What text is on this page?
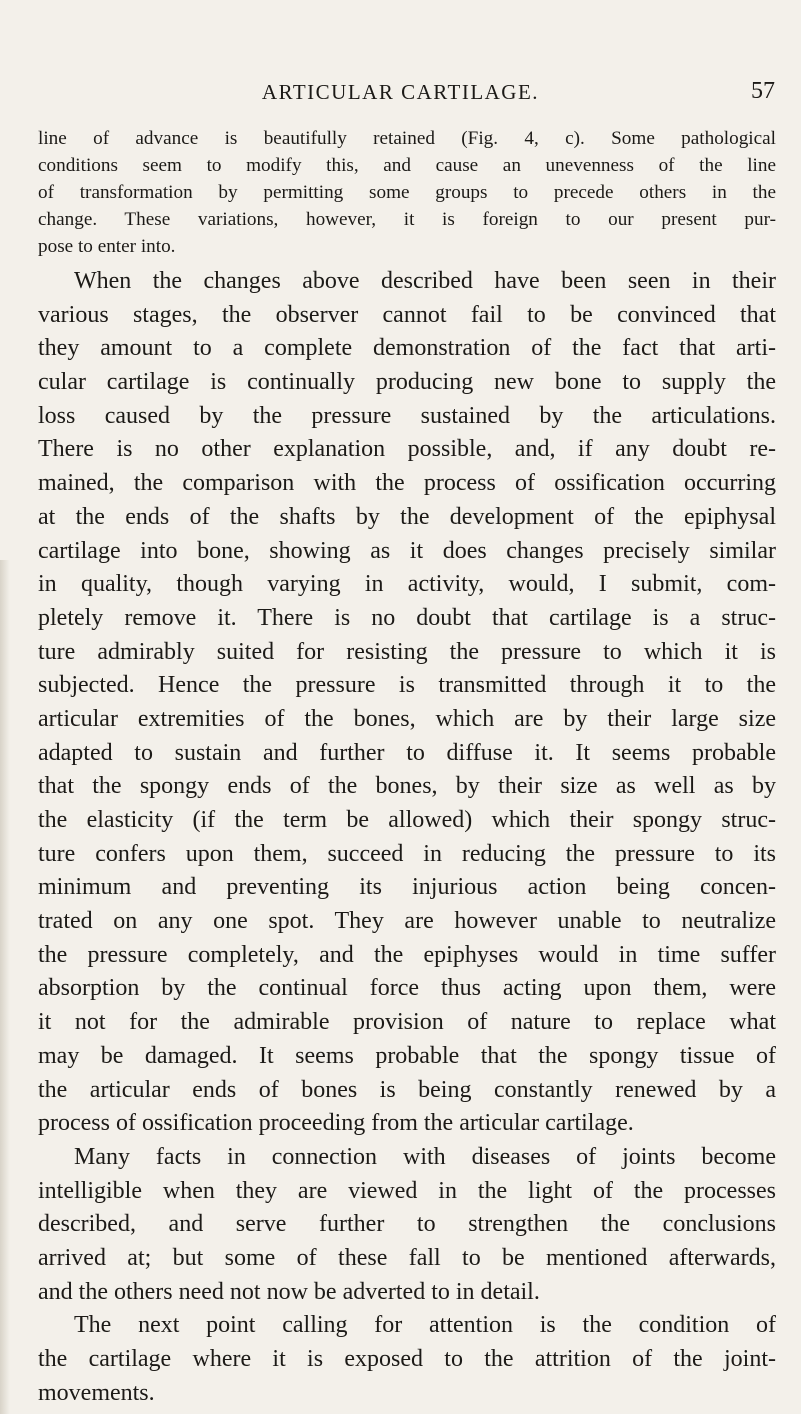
ARTICULAR CARTILAGE.	57
line of advance is beautifully retained (Fig. 4, c). Some pathological
conditions seem to modify this, and cause an unevenness of the line
of transformation by permitting some groups to precede others in the
change. These variations, however, it is foreign to our present pur-
pose to enter into.
When the changes above described have been seen in their
various stages, the observer cannot fail to be convinced that
they amount to a complete demonstration of the fact that arti-
cular cartilage is continually producing new bone to supply the
loss caused by the pressure sustained by the articulations.
There is no other explanation possible, and, if any doubt re-
mained, the comparison with the process of ossification occurring
at the ends of the shafts by the development of the epiphysal
cartilage into bone, showing as it does changes precisely similar
in quality, though varying in activity, would, I submit, com-
pletely remove it. There is no doubt that cartilage is a struc-
ture admirably suited for resisting the pressure to which it is
subjected. Hence the pressure is transmitted through it to the
articular extremities of the bones, which are by their large size
adapted to sustain and further to diffuse it. It seems probable
that the spongy ends of the bones, by their size as well as by
the elasticity (if the term be allowed) which their spongy struc-
ture confers upon them, succeed in reducing the pressure to its
minimum and preventing its injurious action being concen-
trated on any one spot. They are however unable to neutralize
the pressure completely, and the epiphyses would in time suffer
absorption by the continual force thus acting upon them, were
it not for the admirable provision of nature to replace what
may be damaged. It seems probable that the spongy tissue of
the articular ends of bones is being constantly renewed by a
process of ossification proceeding from the articular cartilage.
Many facts in connection with diseases of joints become
intelligible when they are viewed in the light of the processes
described, and serve further to strengthen the conclusions
arrived at; but some of these fall to be mentioned afterwards,
and the others need not now be adverted to in detail.
The next point calling for attention is the condition of
the cartilage where it is exposed to the attrition of the joint-
movements.
